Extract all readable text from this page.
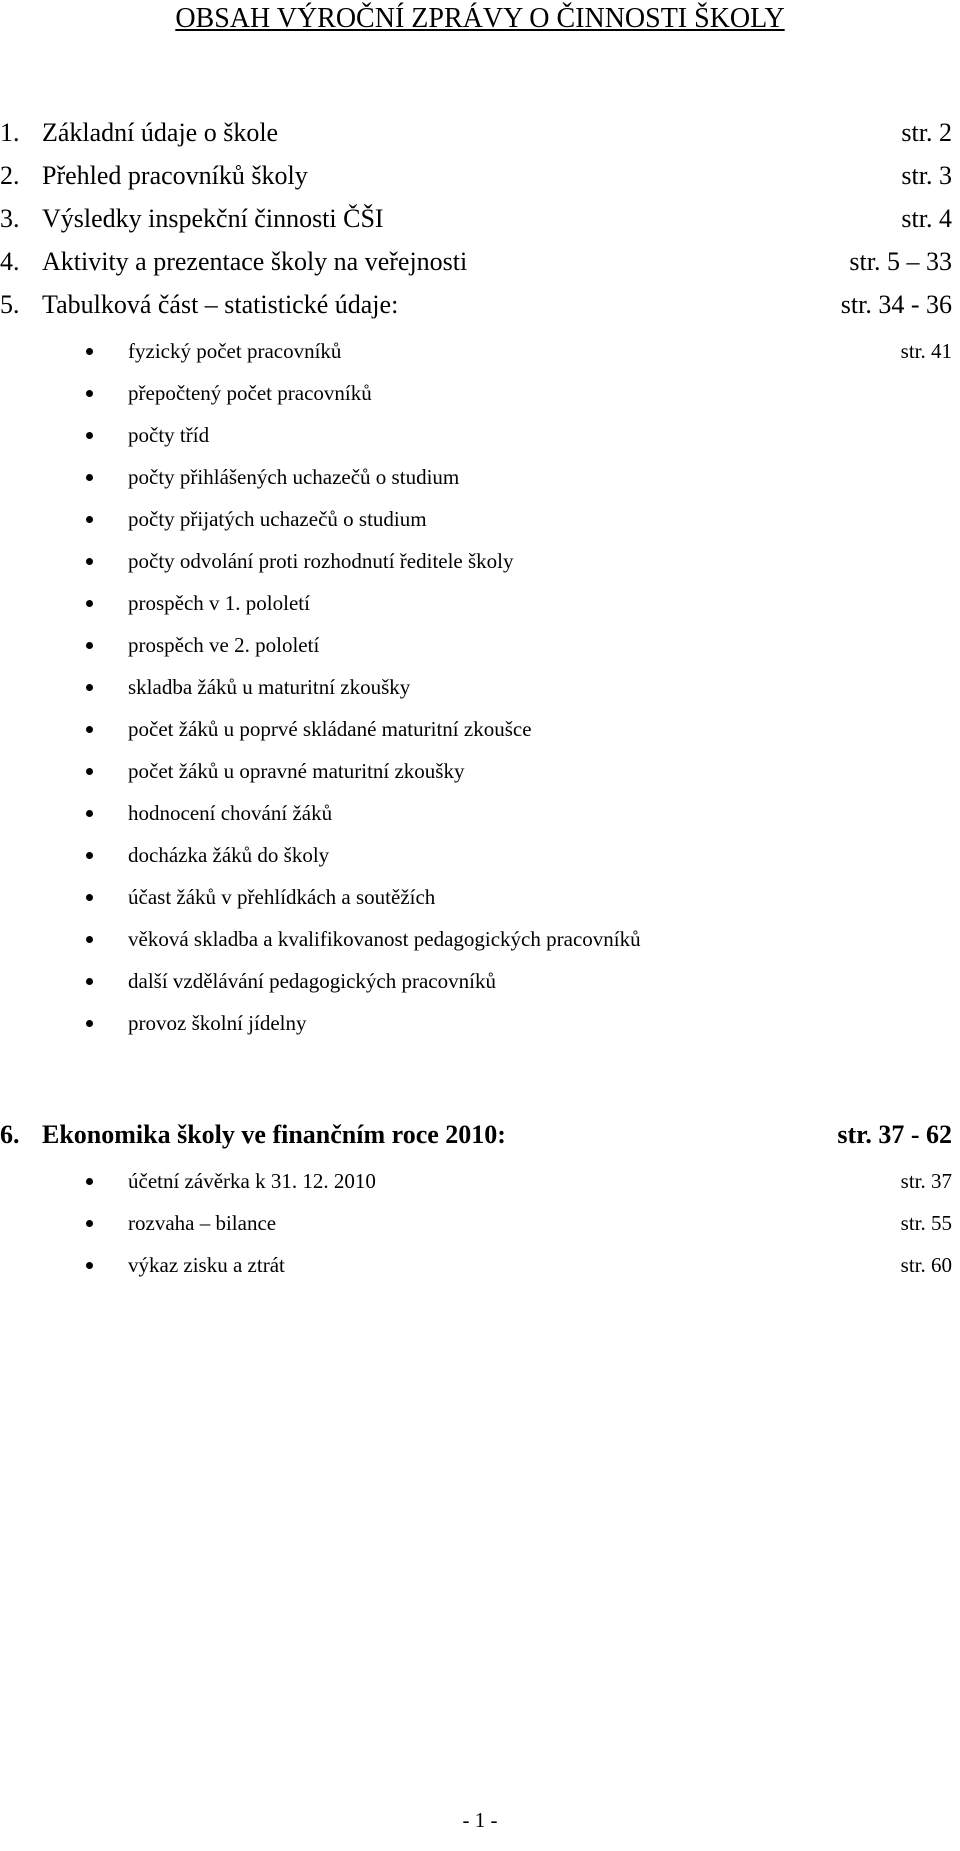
OBSAH VÝROČNÍ ZPRÁVY O ČINNOSTI ŠKOLY
1. Základní údaje o škole	str. 2
2. Přehled pracovníků školy	str. 3
3. Výsledky inspekční činnosti ČŠI	str. 4
4. Aktivity a prezentace školy na veřejnosti	str. 5 – 33
5. Tabulková část – statistické údaje:	str. 34 - 36
fyzický počet pracovníků	str. 41
přepočtený počet pracovníků
počty tříd
počty přihlášených uchazečů o studium
počty přijatých uchazečů o studium
počty odvolání proti rozhodnutí ředitele školy
prospěch v 1. pololetí
prospěch ve 2. pololetí
skladba žáků u maturitní zkoušky
počet žáků u poprvé skládané maturitní zkoušce
počet žáků u opravné maturitní zkoušky
hodnocení chování žáků
docházka žáků do školy
účast žáků v přehlídkách a soutěžích
věková skladba a kvalifikovanost pedagogických pracovníků
další vzdělávání pedagogických pracovníků
provoz školní jídelny
6. Ekonomika školy ve finančním roce 2010:	str. 37 - 62
účetní závěrka k 31. 12. 2010	str. 37
rozvaha – bilance	str. 55
výkaz zisku a ztrát	str. 60
- 1 -
